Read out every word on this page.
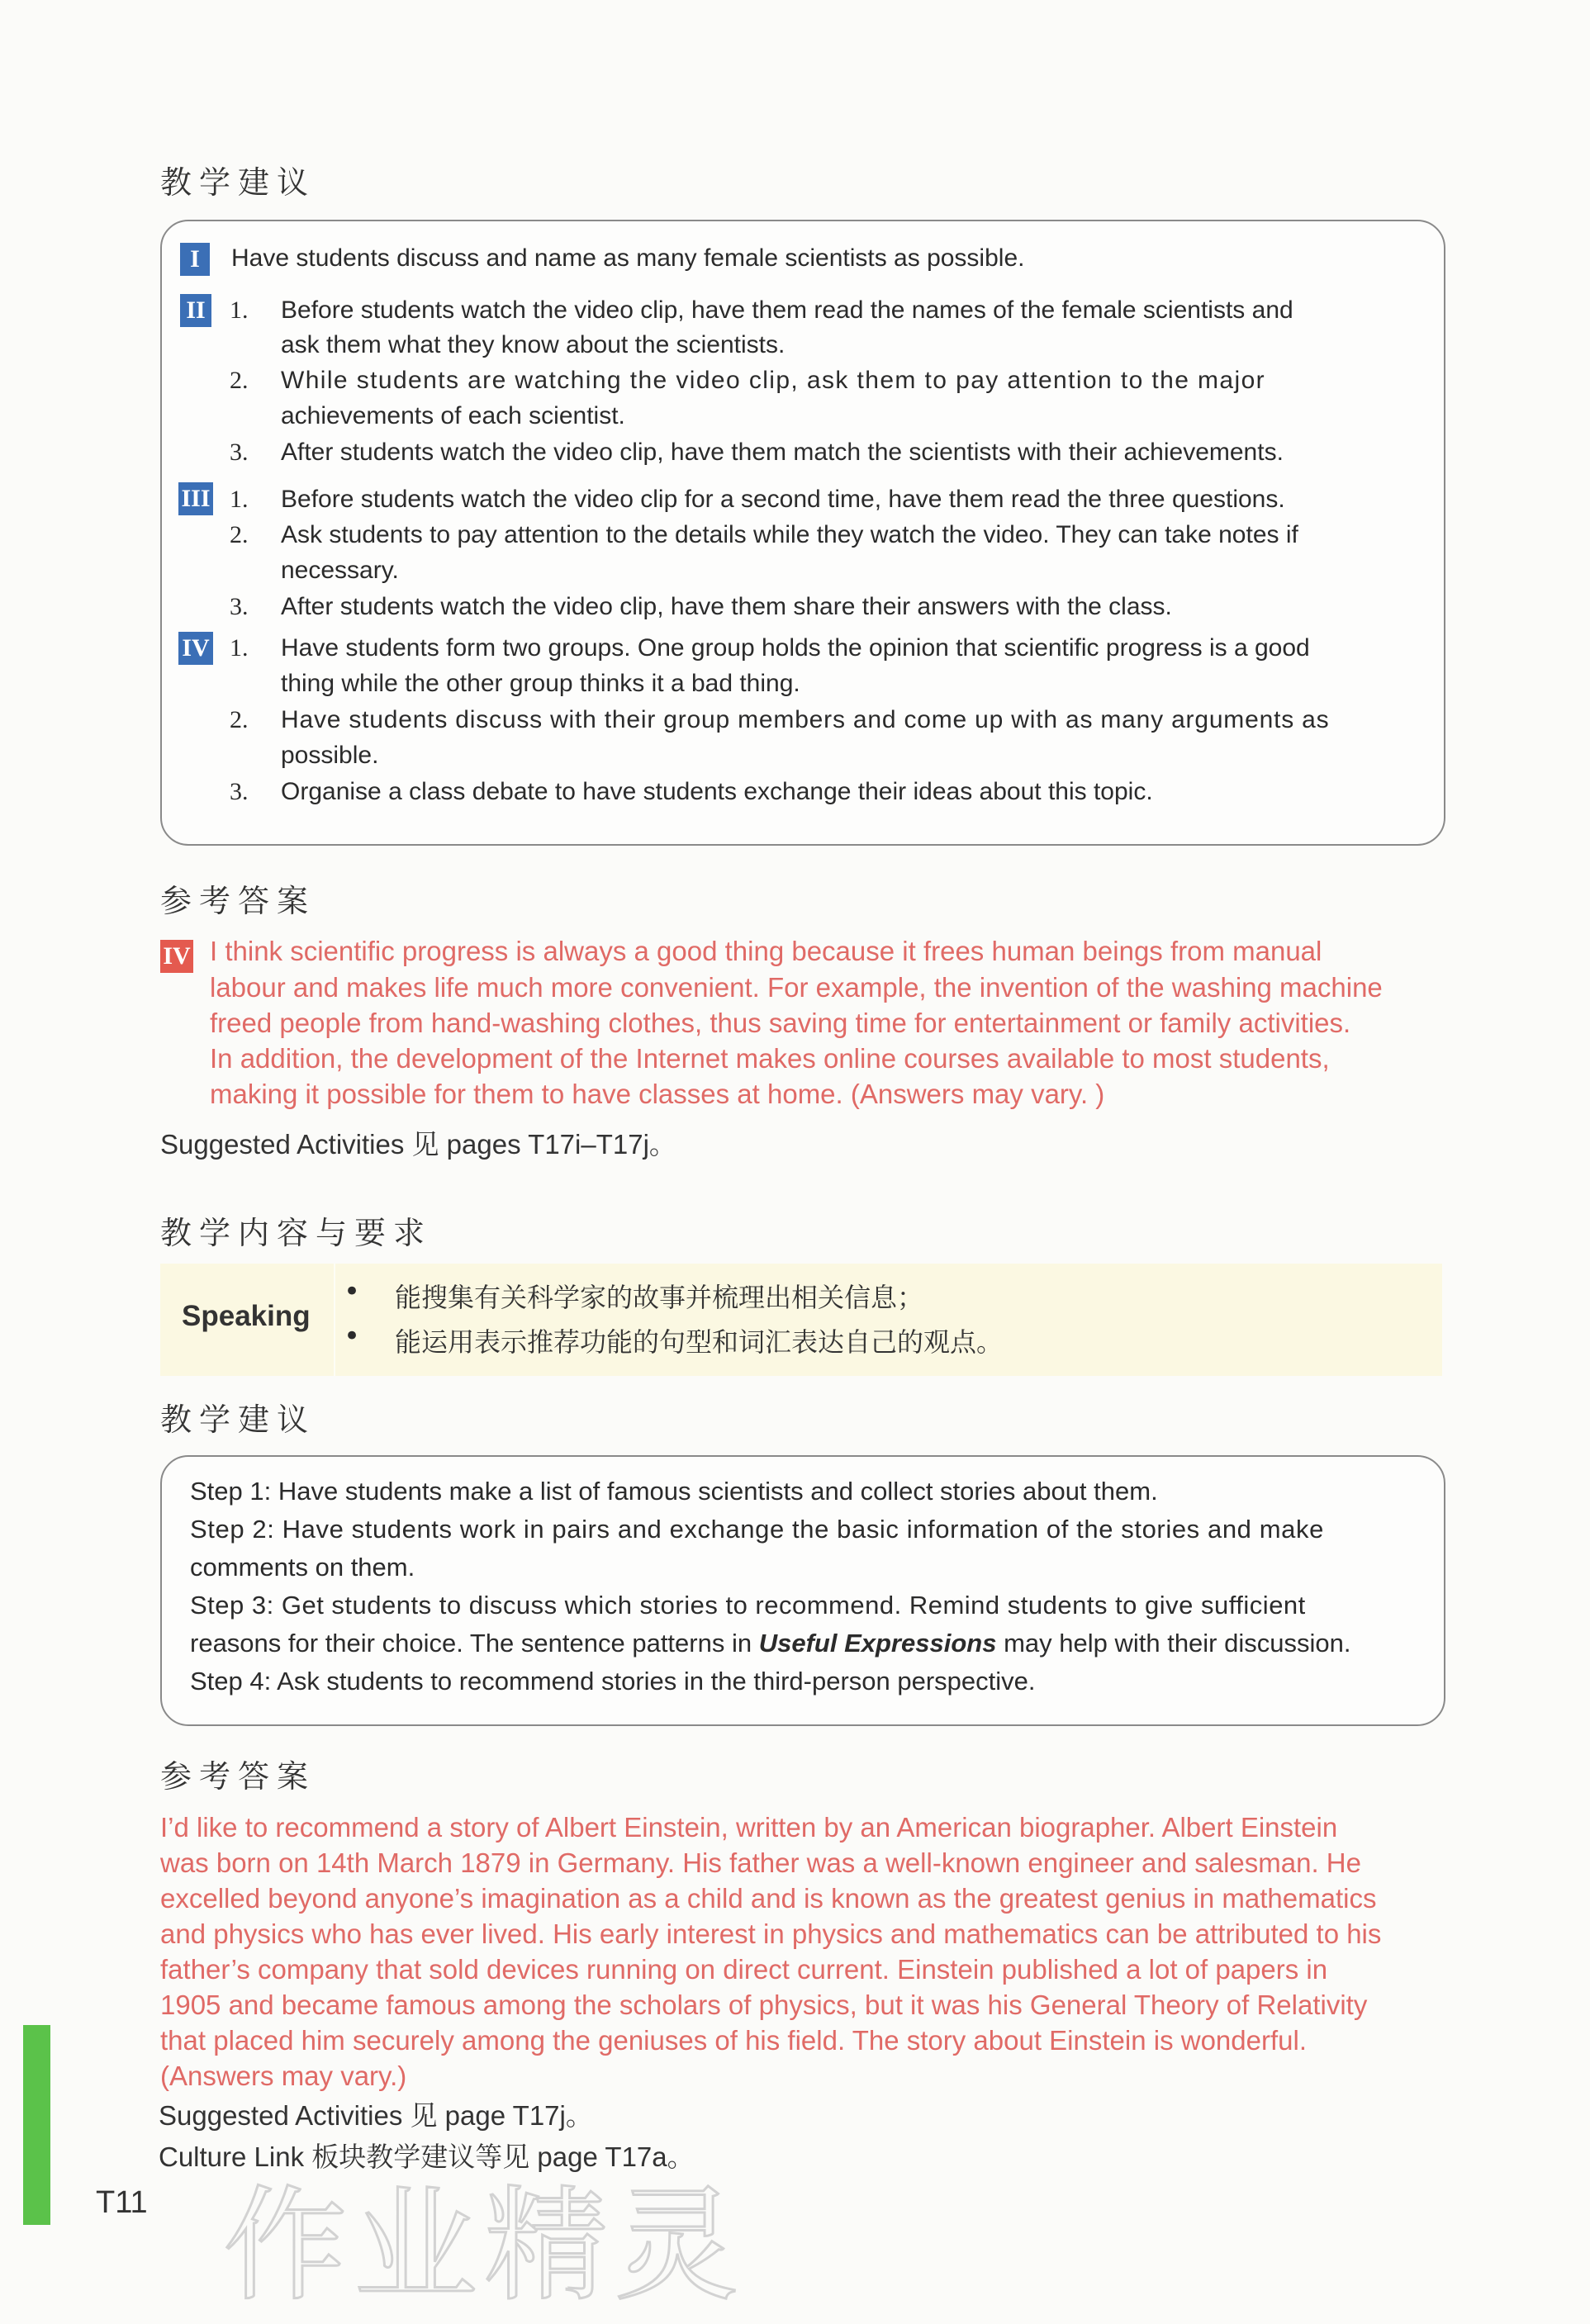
教学建议
I	Have students discuss and name as many female scientists as possible.
II 1. Before students watch the video clip, have them read the names of the female scientists and
ask them what they know about the scientists.
2. While students are watching the video clip, ask them to pay attention to the major
achievements of each scientist.
3. After students watch the video clip, have them match the scientists with their achievements.
III 1. Before students watch the video clip for a second time, have them read the three questions.
2. Ask students to pay attention to the details while they watch the video. They can take notes if
necessary.
3. After students watch the video clip, have them share their answers with the class.
IV 1. Have students form two groups. One group holds the opinion that scientific progress is a good
thing while the other group thinks it a bad thing.
2. Have students discuss with their group members and come up with as many arguments as
possible.
3. Organise a class debate to have students exchange their ideas about this topic.
参考答案
IV I think scientific progress is always a good thing because it frees human beings from manual
labour and makes life much more convenient. For example, the invention of the washing machine
freed people from hand-washing clothes, thus saving time for entertainment or family activities.
In addition, the development of the Internet makes online courses available to most students,
making it possible for them to have classes at home. (Answers may vary. )
Suggested Activities 见 pages T17i–T17j。
教学内容与要求
Speaking
• 能搜集有关科学家的故事并梳理出相关信息；
• 能运用表示推荐功能的句型和词汇表达自己的观点。
教学建议
Step 1: Have students make a list of famous scientists and collect stories about them.
Step 2: Have students work in pairs and exchange the basic information of the stories and make
comments on them.
Step 3: Get students to discuss which stories to recommend. Remind students to give sufficient
reasons for their choice. The sentence patterns in Useful Expressions may help with their discussion.
Step 4: Ask students to recommend stories in the third-person perspective.
参考答案
I’d like to recommend a story of Albert Einstein, written by an American biographer. Albert Einstein
was born on 14th March 1879 in Germany. His father was a well-known engineer and salesman. He
excelled beyond anyone’s imagination as a child and is known as the greatest genius in mathematics
and physics who has ever lived. His early interest in physics and mathematics can be attributed to his
father’s company that sold devices running on direct current. Einstein published a lot of papers in
1905 and became famous among the scholars of physics, but it was his General Theory of Relativity
that placed him securely among the geniuses of his field. The story about Einstein is wonderful.
(Answers may vary.)
Suggested Activities 见 page T17j。
Culture Link 板块教学建议等见 page T17a。
T11 作业精灵
